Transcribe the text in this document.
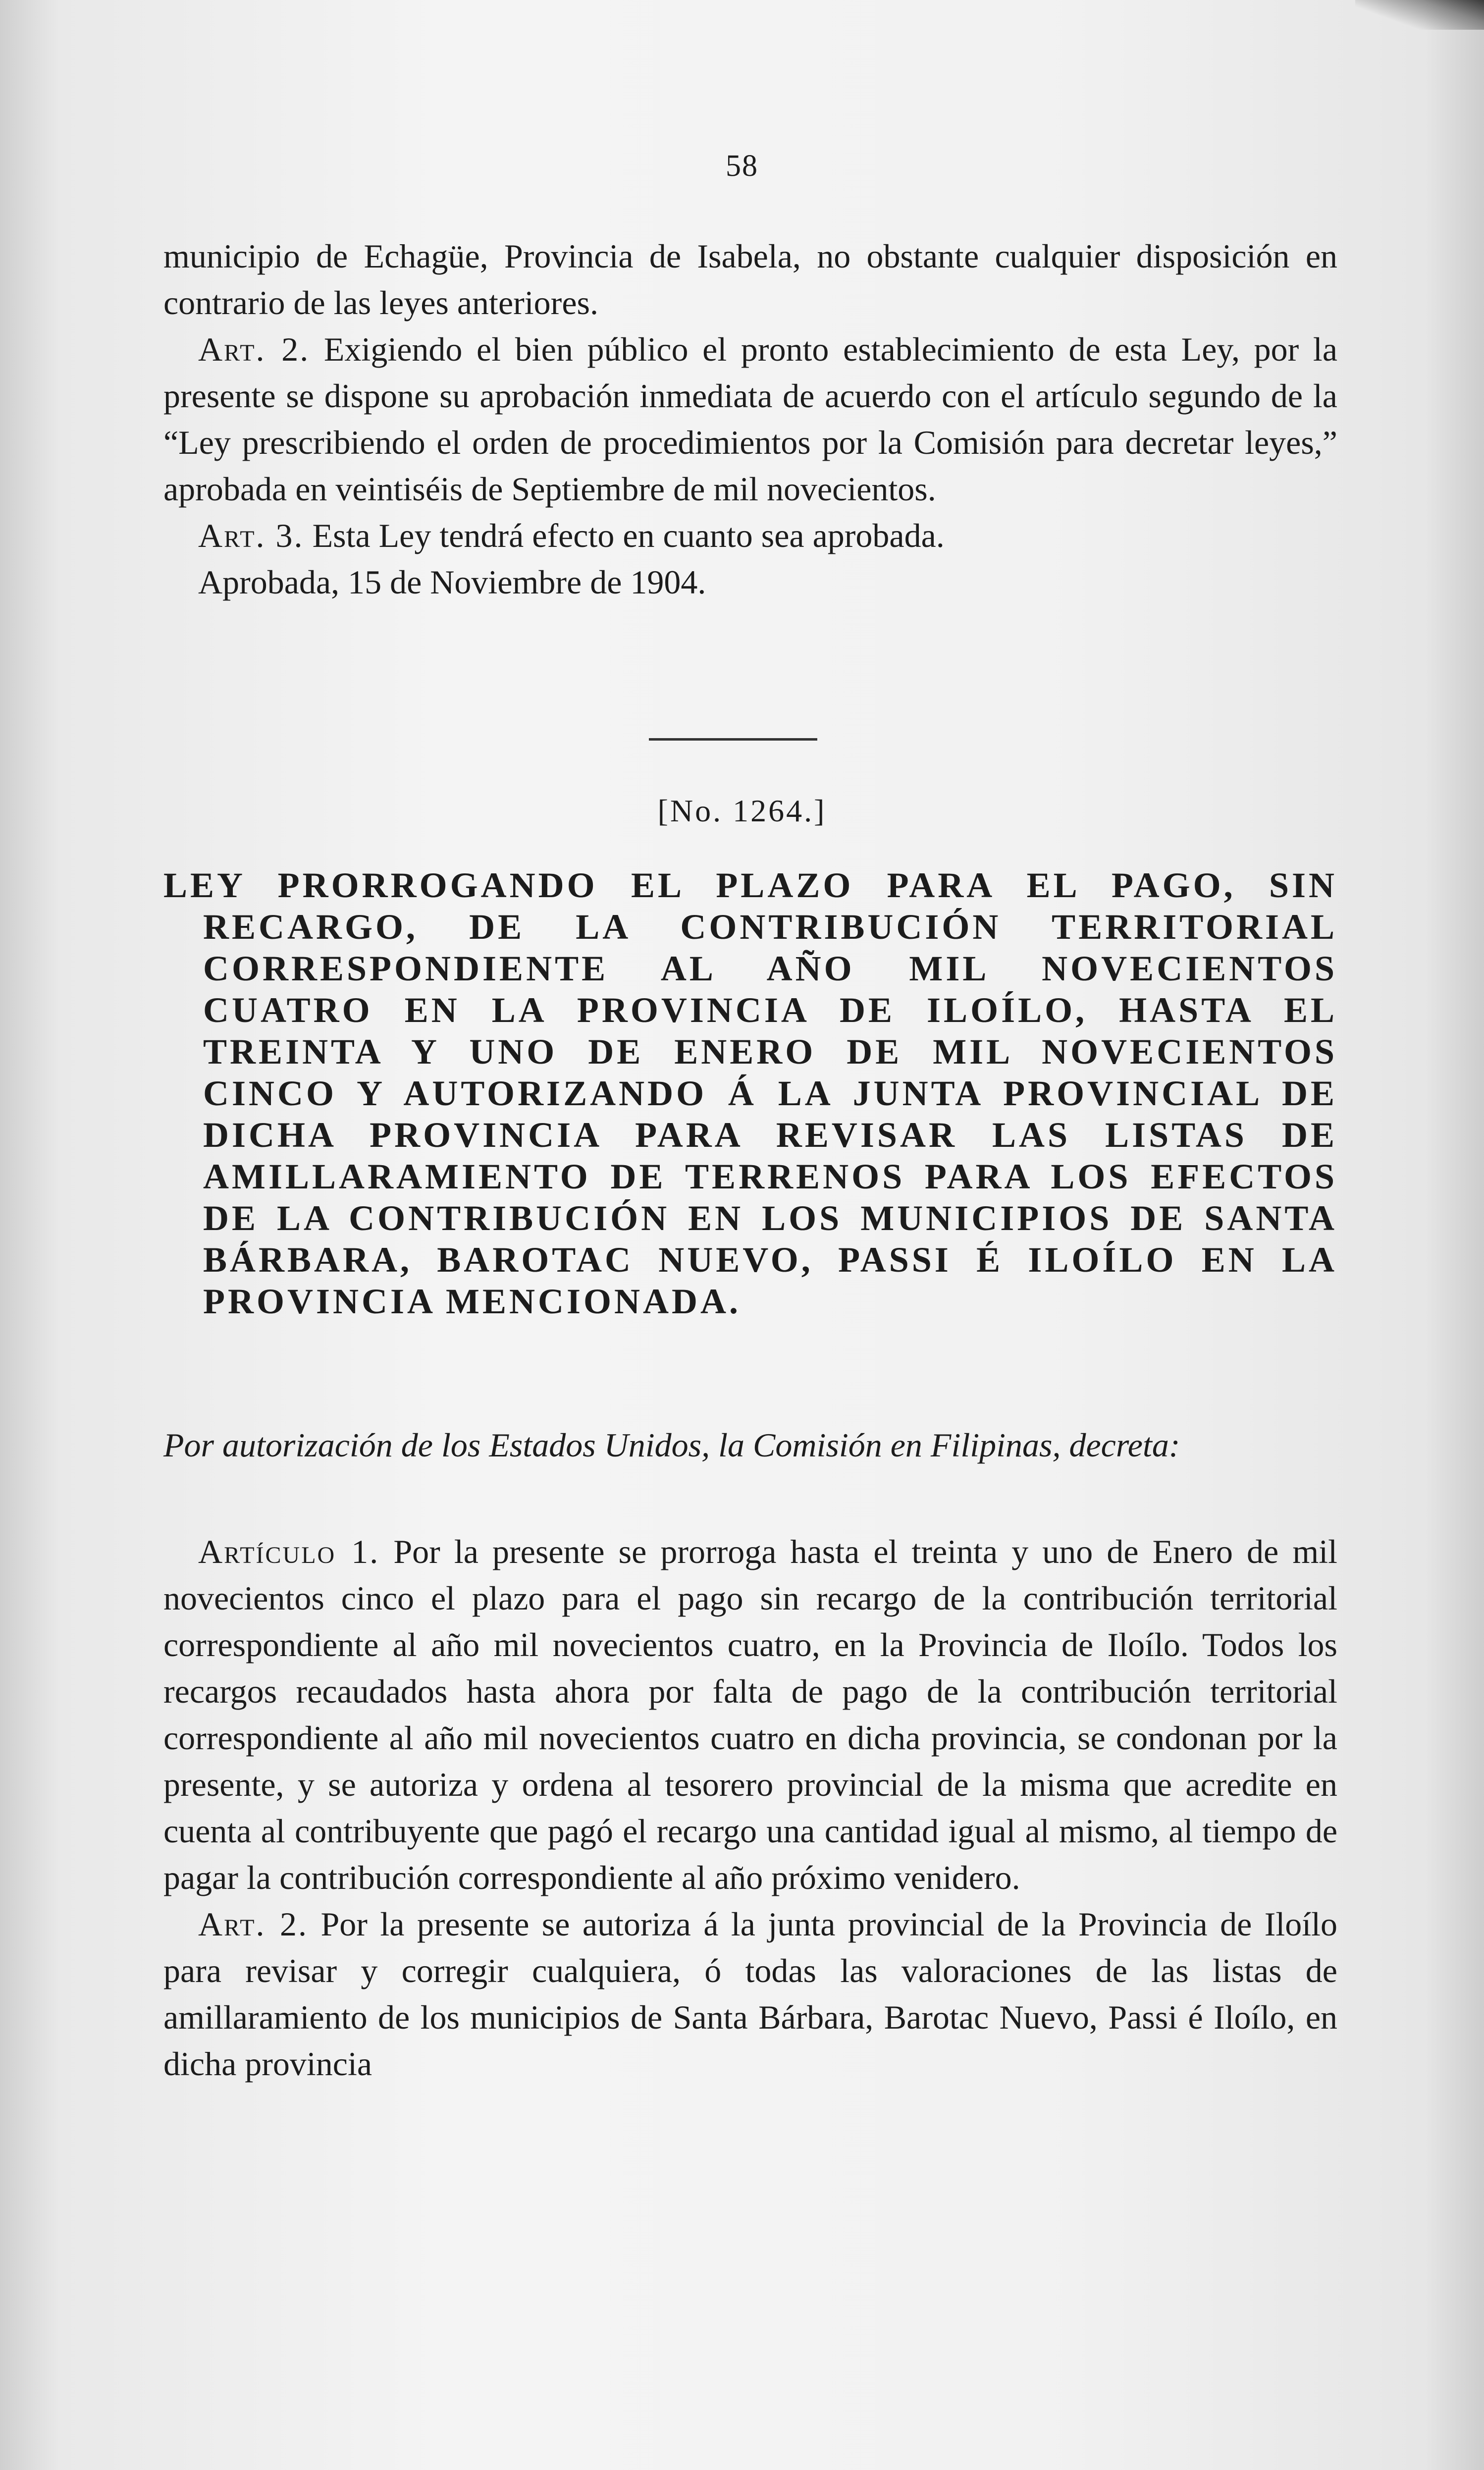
58

municipio de Echagüe, Provincia de Isabela, no obstante cualquier disposición en contrario de las leyes anteriores.

Art. 2. Exigiendo el bien público el pronto establecimiento de esta Ley, por la presente se dispone su aprobación inmediata de acuerdo con el artículo segundo de la “Ley prescribiendo el orden de procedimientos por la Comisión para decretar leyes,” aprobada en veintiséis de Septiembre de mil novecientos.

Art. 3. Esta Ley tendrá efecto en cuanto sea aprobada.

Aprobada, 15 de Noviembre de 1904.

[No. 1264.]

LEY PRORROGANDO EL PLAZO PARA EL PAGO, SIN RECARGO, DE LA CONTRIBUCIÓN TERRITORIAL CORRESPONDIENTE AL AÑO MIL NOVECIENTOS CUATRO EN LA PROVINCIA DE ILOÍLO, HASTA EL TREINTA Y UNO DE ENERO DE MIL NOVECIENTOS CINCO Y AUTORIZANDO Á LA JUNTA PROVINCIAL DE DICHA PROVINCIA PARA REVISAR LAS LISTAS DE AMILLARAMIENTO DE TERRENOS PARA LOS EFECTOS DE LA CONTRIBUCIÓN EN LOS MUNICIPIOS DE SANTA BÁRBARA, BAROTAC NUEVO, PASSI É ILOÍLO EN LA PROVINCIA MENCIONADA.

Por autorización de los Estados Unidos, la Comisión en Filipinas, decreta:

Artículo 1. Por la presente se prorroga hasta el treinta y uno de Enero de mil novecientos cinco el plazo para el pago sin recargo de la contribución territorial correspondiente al año mil novecientos cuatro, en la Provincia de Iloílo. Todos los recargos recaudados hasta ahora por falta de pago de la contribución territorial correspondiente al año mil novecientos cuatro en dicha provincia, se condonan por la presente, y se autoriza y ordena al tesorero provincial de la misma que acredite en cuenta al contribuyente que pagó el recargo una cantidad igual al mismo, al tiempo de pagar la contribución correspondiente al año próximo venidero.

Art. 2. Por la presente se autoriza á la junta provincial de la Provincia de Iloílo para revisar y corregir cualquiera, ó todas las valoraciones de las listas de amillaramiento de los municipios de Santa Bárbara, Barotac Nuevo, Passi é Iloílo, en dicha provincia
